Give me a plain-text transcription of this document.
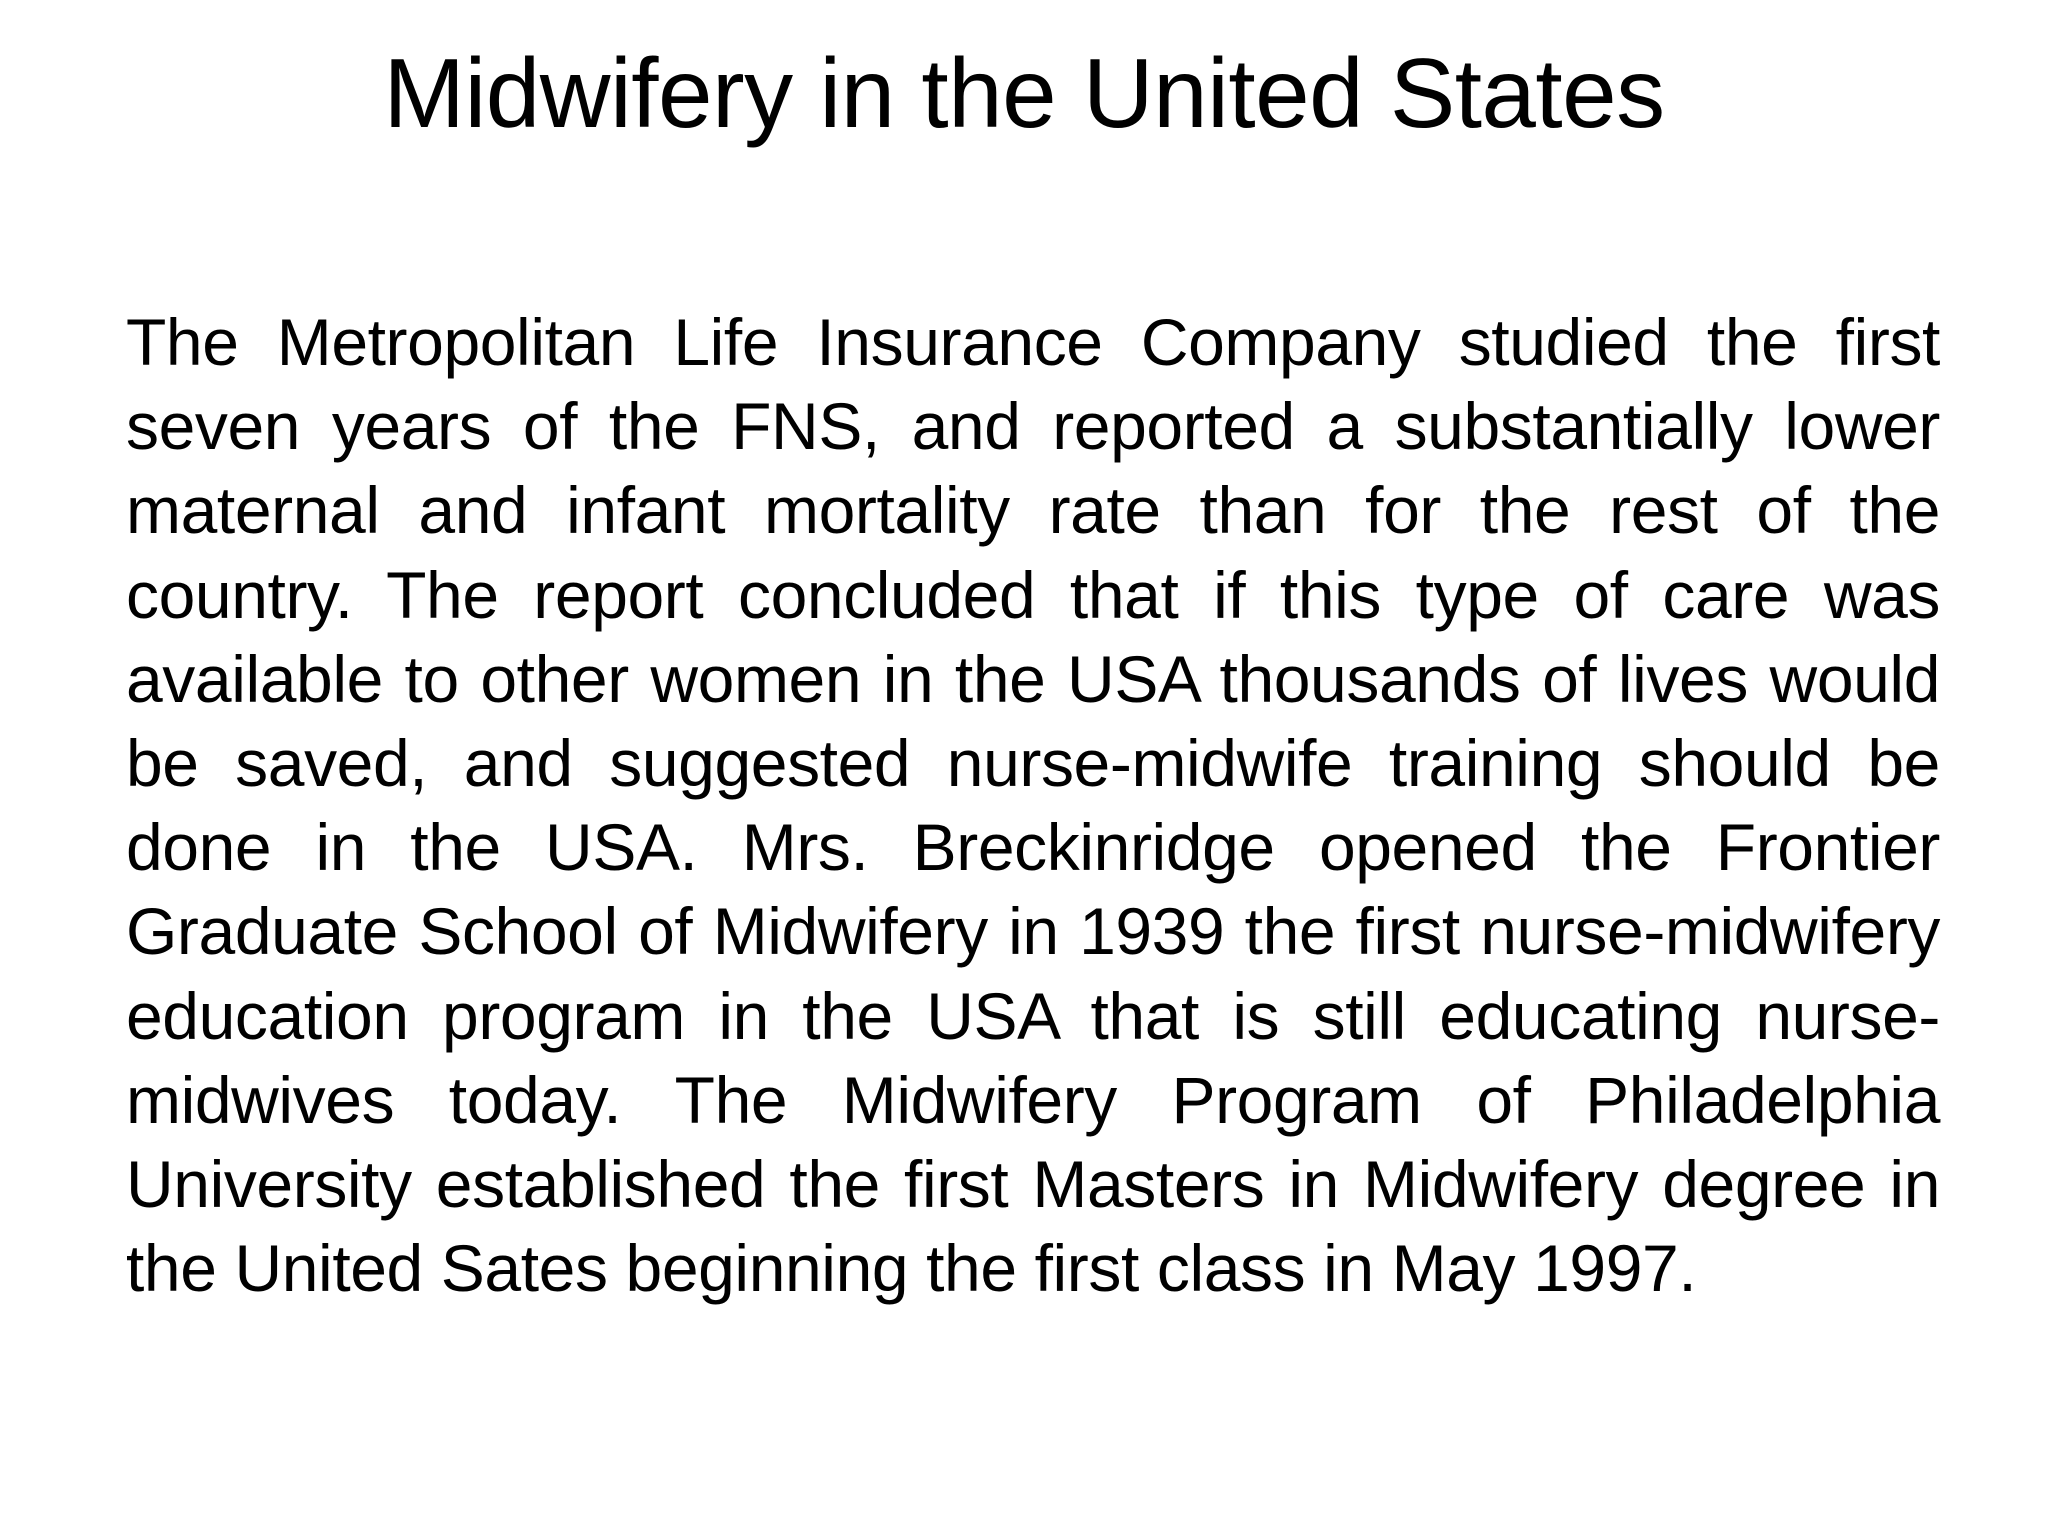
Midwifery in the United States

The Metropolitan Life Insurance Company studied the first seven years of the FNS, and reported a substantially lower maternal and infant mortality rate than for the rest of the country. The report concluded that if this type of care was available to other women in the USA thousands of lives would be saved, and suggested nurse-midwife training should be done in the USA. Mrs. Breckinridge opened the Frontier Graduate School of Midwifery in 1939 the first nurse-midwifery education program in the USA that is still educating nurse-midwives today. The Midwifery Program of Philadelphia University established the first Masters in Midwifery degree in the United Sates beginning the first class in May 1997.
